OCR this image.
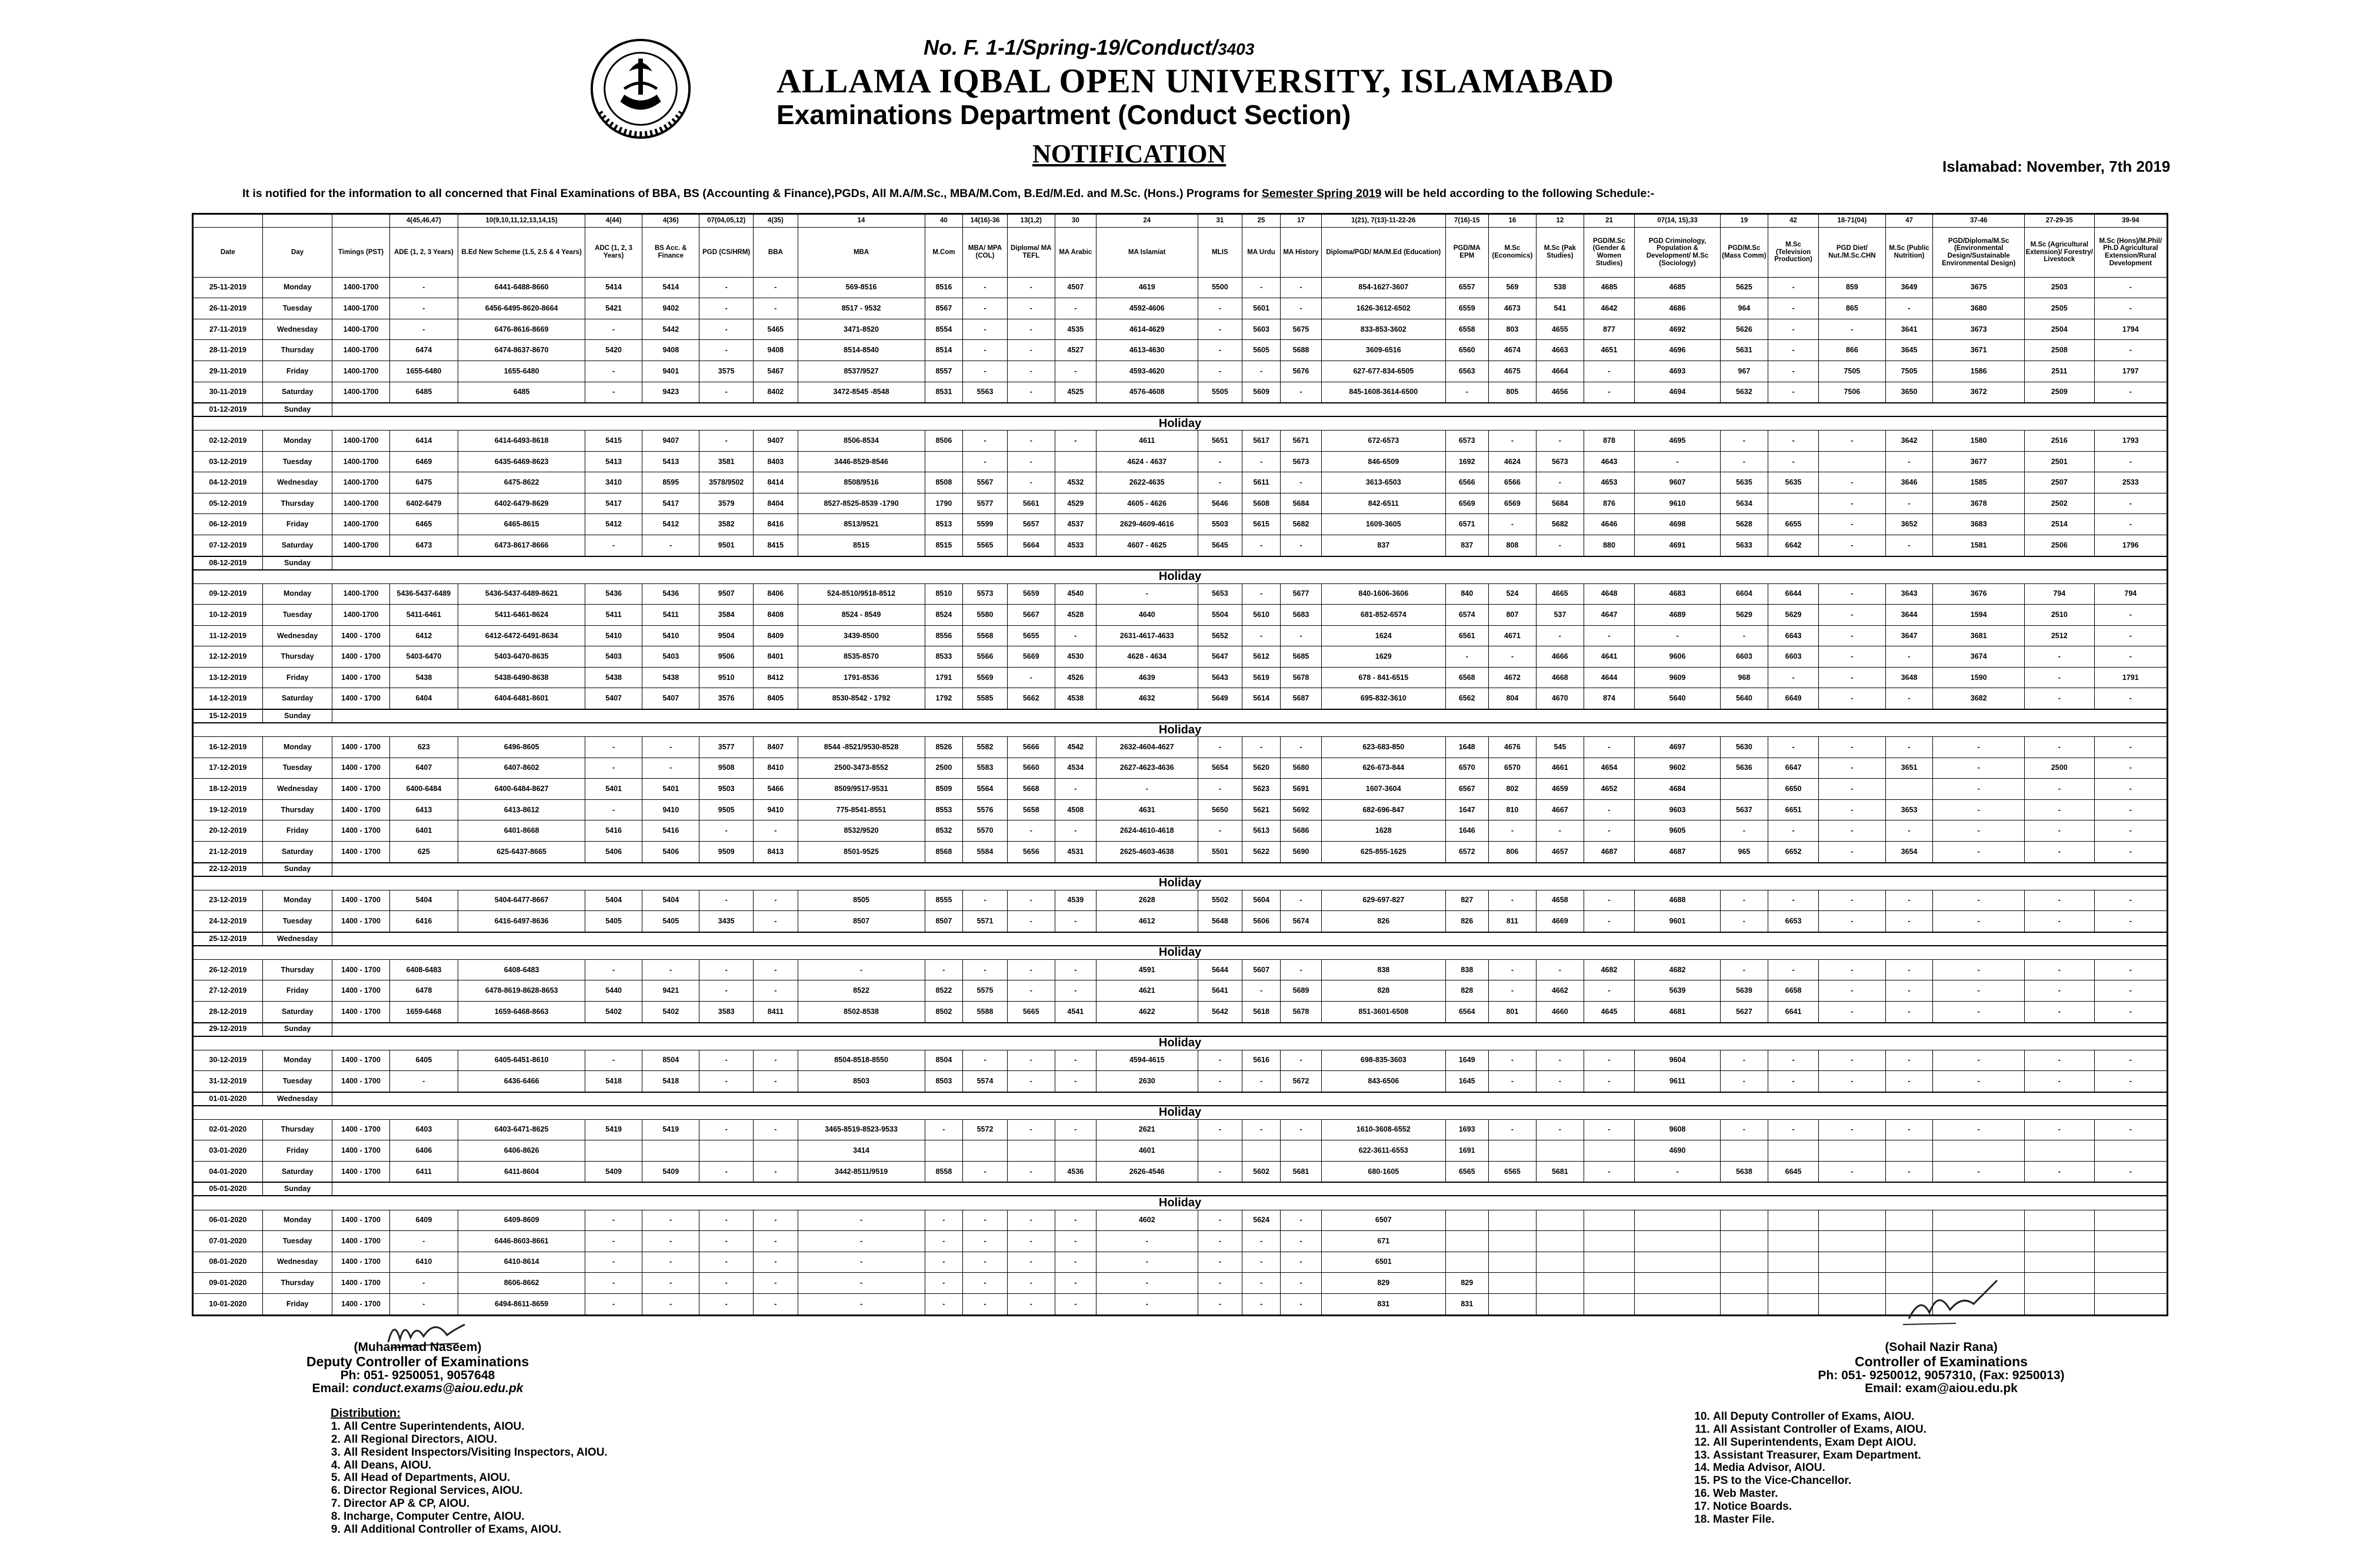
No. F. 1-1/Spring-19/Conduct/3403
ALLAMA IQBAL OPEN UNIVERSITY, ISLAMABAD
Examinations Department (Conduct Section)
NOTIFICATION	Islamabad: November, 7th 2019
It is notified for the information to all concerned that Final Examinations of BBA, BS (Accounting & Finance),PGDs, All M.A/M.Sc., MBA/M.Com, B.Ed/M.Ed. and M.Sc. (Hons.) Programs for Semester Spring 2019 will be held according to the following Schedule:-
			4(45,46,47)	10(9,10,11,12,13,14,15)	4(44)	4(36)	07(04,05,12)	4(35)	14	40	14(16)-36	13(1,2)	30	24	31	25	17	1(21), 7(13)-11-22-26	7(16)-15	16	12	21	07(14, 15),33	19	42	18-71(04)	47	37-46	27-29-35	39-94
Date	Day	Timings (PST)	ADE (1, 2, 3 Years)	B.Ed New Scheme (1.5, 2.5 & 4 Years)	ADC (1, 2, 3 Years)	BS Acc. & Finance	PGD (CS/HRM)	BBA	MBA	M.Com	MBA/ MPA (COL)	Diploma/ MA TEFL	MA Arabic	MA Islamiat	MLIS	MA Urdu	MA History	Diploma/PGD/ MA/M.Ed (Education)	PGD/MA EPM	M.Sc (Economics)	M.Sc (Pak Studies)	PGD/M.Sc (Gender & Women Studies)	PGD Criminology, Population & Development/ M.Sc (Sociology)	PGD/M.Sc (Mass Comm)	M.Sc (Television Production)	PGD Diet/ Nut./M.Sc.CHN	M.Sc (Public Nutrition)	PGD/Diploma/M.Sc (Environmental Design/Sustainable Environmental Design)	M.Sc (Agricultural Extension)/ Forestry/ Livestock	M.Sc (Hons)/M.Phil/ Ph.D Agricultural Extension/Rural Development
25-11-2019	Monday	1400-1700	-	6441-6488-8660	5414	5414	-	-	569-8516	8516	-	-	4507	4619	5500	-	-	854-1627-3607	6557	569	538	4685	4685	5625	-	859	3649	3675	2503	-
26-11-2019	Tuesday	1400-1700	-	6456-6495-8620-8664	5421	9402	-	-	8517 - 9532	8567	-	-	-	4592-4606	-	5601	-	1626-3612-6502	6559	4673	541	4642	4686	964	-	865	-	3680	2505	-
27-11-2019	Wednesday	1400-1700	-	6476-8616-8669	-	5442	-	5465	3471-8520	8554	-	-	4535	4614-4629	-	5603	5675	833-853-3602	6558	803	4655	877	4692	5626	-	-	3641	3673	2504	1794
28-11-2019	Thursday	1400-1700	6474	6474-8637-8670	5420	9408	-	9408	8514-8540	8514	-	-	4527	4613-4630	-	5605	5688	3609-6516	6560	4674	4663	4651	4696	5631	-	866	3645	3671	2508	-
29-11-2019	Friday	1400-1700	1655-6480	1655-6480	-	9401	3575	5467	8537/9527	8557	-	-	-	4593-4620	-	-	5676	627-677-834-6505	6563	4675	4664	-	4693	967	-	7505	7505	1586	2511	1797
30-11-2019	Saturday	1400-1700	6485	6485	-	9423	-	8402	3472-8545 -8548	8531	5563	-	4525	4576-4608	5505	5609	-	845-1608-3614-6500	-	805	4656	-	4694	5632	-	7506	3650	3672	2509	-
01-12-2019	Sunday																													
Holiday																														
02-12-2019	Monday	1400-1700	6414	6414-6493-8618	5415	9407	-	9407	8506-8534	8506	-	-	-	4611	5651	5617	5671	672-6573	6573	-	-	878	4695	-	-	-	3642	1580	2516	1793
03-12-2019	Tuesday	1400-1700	6469	6435-6469-8623	5413	5413	3581	8403	3446-8529-8546		-	-		4624 - 4637	-	-	5673	846-6509	1692	4624	5673	4643	-	-	-		-	3677	2501	-
04-12-2019	Wednesday	1400-1700	6475	6475-8622	3410	8595	3578/9502	8414	8508/9516	8508	5567	-	4532	2622-4635	-	5611	-	3613-6503	6566	6566	-	4653	9607	5635	5635	-	3646	1585	2507	2533
05-12-2019	Thursday	1400-1700	6402-6479	6402-6479-8629	5417	5417	3579	8404	8527-8525-8539 -1790	1790	5577	5661	4529	4605 - 4626	5646	5608	5684	842-6511	6569	6569	5684	876	9610	5634		-	-	3678	2502	-
06-12-2019	Friday	1400-1700	6465	6465-8615	5412	5412	3582	8416	8513/9521	8513	5599	5657	4537	2629-4609-4616	5503	5615	5682	1609-3605	6571	-	5682	4646	4698	5628	6655	-	3652	3683	2514	-
07-12-2019	Saturday	1400-1700	6473	6473-8617-8666	-	-	9501	8415	8515	8515	5565	5664	4533	4607 - 4625	5645	-	-	837	837	808	-	880	4691	5633	6642	-	-	1581	2506	1796
08-12-2019	Sunday																													
Holiday																														
09-12-2019	Monday	1400-1700	5436-5437-6489	5436-5437-6489-8621	5436	5436	9507	8406	524-8510/9518-8512	8510	5573	5659	4540	-	5653	-	5677	840-1606-3606	840	524	4665	4648	4683	6604	6644	-	3643	3676	794	794
10-12-2019	Tuesday	1400-1700	5411-6461	5411-6461-8624	5411	5411	3584	8408	8524 - 8549	8524	5580	5667	4528	4640	5504	5610	5683	681-852-6574	6574	807	537	4647	4689	5629	5629	-	3644	1594	2510	-
11-12-2019	Wednesday	1400 - 1700	6412	6412-6472-6491-8634	5410	5410	9504	8409	3439-8500	8556	5568	5655	-	2631-4617-4633	5652	-	-	1624	6561	4671	-	-	-	-	6643	-	3647	3681	2512	-
12-12-2019	Thursday	1400 - 1700	5403-6470	5403-6470-8635	5403	5403	9506	8401	8535-8570	8533	5566	5669	4530	4628 - 4634	5647	5612	5685	1629	-	-	4666	4641	9606	6603	6603	-	-	3674	-	-
13-12-2019	Friday	1400 - 1700	5438	5438-6490-8638	5438	5438	9510	8412	1791-8536	1791	5569	-	4526	4639	5643	5619	5678	678 - 841-6515	6568	4672	4668	4644	9609	968	-	-	3648	1590	-	1791
14-12-2019	Saturday	1400 - 1700	6404	6404-6481-8601	5407	5407	3576	8405	8530-8542 - 1792	1792	5585	5662	4538	4632	5649	5614	5687	695-832-3610	6562	804	4670	874	5640	5640	6649	-	-	3682	-	-
15-12-2019	Sunday																													
Holiday																														
16-12-2019	Monday	1400 - 1700	623	6496-8605	-	-	3577	8407	8544 -8521/9530-8528	8526	5582	5666	4542	2632-4604-4627	-	-	-	623-683-850	1648	4676	545	-	4697	5630	-	-	-	-	-	-
17-12-2019	Tuesday	1400 - 1700	6407	6407-8602	-	-	9508	8410	2500-3473-8552	2500	5583	5660	4534	2627-4623-4636	5654	5620	5680	626-673-844	6570	6570	4661	4654	9602	5636	6647	-	3651	-	2500	-
18-12-2019	Wednesday	1400 - 1700	6400-6484	6400-6484-8627	5401	5401	9503	5466	8509/9517-9531	8509	5564	5668	-	-	-	5623	5691	1607-3604	6567	802	4659	4652	4684		6650	-		-	-	-
19-12-2019	Thursday	1400 - 1700	6413	6413-8612	-	9410	9505	9410	775-8541-8551	8553	5576	5658	4508	4631	5650	5621	5692	682-696-847	1647	810	4667	-	9603	5637	6651	-	3653	-	-	-
20-12-2019	Friday	1400 - 1700	6401	6401-8668	5416	5416	-	-	8532/9520	8532	5570	-	-	2624-4610-4618	-	5613	5686	1628	1646	-	-	-	9605	-	-	-	-	-	-	-
21-12-2019	Saturday	1400 - 1700	625	625-6437-8665	5406	5406	9509	8413	8501-9525	8568	5584	5656	4531	2625-4603-4638	5501	5622	5690	625-855-1625	6572	806	4657	4687	4687	965	6652	-	3654	-	-	-
22-12-2019	Sunday																													
Holiday																														
23-12-2019	Monday	1400 - 1700	5404	5404-6477-8667	5404	5404	-	-	8505	8555	-	-	4539	2628	5502	5604	-	629-697-827	827	-	4658	-	4688	-	-	-	-	-	-	-
24-12-2019	Tuesday	1400 - 1700	6416	6416-6497-8636	5405	5405	3435	-	8507	8507	5571	-	-	4612	5648	5606	5674	826	826	811	4669	-	9601	-	6653	-	-	-	-	-
25-12-2019	Wednesday																													
Holiday																														
26-12-2019	Thursday	1400 - 1700	6408-6483	6408-6483	-	-	-	-	-	-	-	-	-	4591	5644	5607	-	838	838	-	-	4682	4682	-	-	-	-	-	-	-
27-12-2019	Friday	1400 - 1700	6478	6478-8619-8628-8653	5440	9421	-	-	8522	8522	5575	-	-	4621	5641	-	5689	828	828	-	4662	-	5639	5639	6658	-	-	-	-	-
28-12-2019	Saturday	1400 - 1700	1659-6468	1659-6468-8663	5402	5402	3583	8411	8502-8538	8502	5588	5665	4541	4622	5642	5618	5678	851-3601-6508	6564	801	4660	4645	4681	5627	6641	-	-	-	-	-
29-12-2019	Sunday																													
Holiday																														
30-12-2019	Monday	1400 - 1700	6405	6405-6451-8610	-	8504	-	-	8504-8518-8550	8504	-	-	-	4594-4615	-	5616	-	698-835-3603	1649	-	-	-	9604	-	-	-	-	-	-	-
31-12-2019	Tuesday	1400 - 1700	-	6436-6466	5418	5418	-	-	8503	8503	5574	-	-	2630	-	-	5672	843-6506	1645	-	-	-	9611	-	-	-	-	-	-	-
01-01-2020	Wednesday																													
Holiday																														
02-01-2020	Thursday	1400 - 1700	6403	6403-6471-8625	5419	5419	-	-	3465-8519-8523-9533	-	5572	-	-	2621	-	-	-	1610-3608-6552	1693	-	-	-	9608	-	-	-	-	-	-	-
03-01-2020	Friday	1400 - 1700	6406	6406-8626					3414					4601				622-3611-6553	1691				4690							
04-01-2020	Saturday	1400 - 1700	6411	6411-8604	5409	5409	-	-	3442-8511/9519	8558	-	-	4536	2626-4546	-	5602	5681	680-1605	6565	6565	5681	-	-	5638	6645	-	-	-	-	-
05-01-2020	Sunday																													
Holiday																														
06-01-2020	Monday	1400 - 1700	6409	6409-8609	-	-	-	-	-	-	-	-	-	4602	-	5624	-	6507												
07-01-2020	Tuesday	1400 - 1700	-	6446-8603-8661	-	-	-	-	-	-	-	-	-	-	-	-	-	671												
08-01-2020	Wednesday	1400 - 1700	6410	6410-8614	-	-	-	-	-	-	-	-	-	-	-	-	-	6501												
09-01-2020	Thursday	1400 - 1700	-	8606-8662	-	-	-	-	-	-	-	-	-	-	-	-	-	829	829											
10-01-2020	Friday	1400 - 1700	-	6494-8611-8659	-	-	-	-	-	-	-	-	-	-	-	-	-	831	831											
(Muhammad Naseem)
Deputy Controller of Examinations
Ph: 051- 9250051, 9057648
Email: conduct.exams@aiou.edu.pk
(Sohail Nazir Rana)
Controller of Examinations
Ph: 051- 9250012, 9057310, (Fax: 9250013)
Email: exam@aiou.edu.pk
Distribution:
1. All Centre Superintendents, AIOU.
2. All Regional Directors, AIOU.
3. All Resident Inspectors/Visiting Inspectors, AIOU.
4. All Deans, AIOU.
5. All Head of Departments, AIOU.
6. Director Regional Services, AIOU.
7. Director AP & CP, AIOU.
8. Incharge, Computer Centre, AIOU.
9. All Additional Controller of Exams, AIOU.
10. All Deputy Controller of Exams, AIOU.
11. All Assistant Controller of Exams, AIOU.
12. All Superintendents, Exam Dept AIOU.
13. Assistant Treasurer, Exam Department.
14. Media Advisor, AIOU.
15. PS to the Vice-Chancellor.
16. Web Master.
17. Notice Boards.
18. Master File.
